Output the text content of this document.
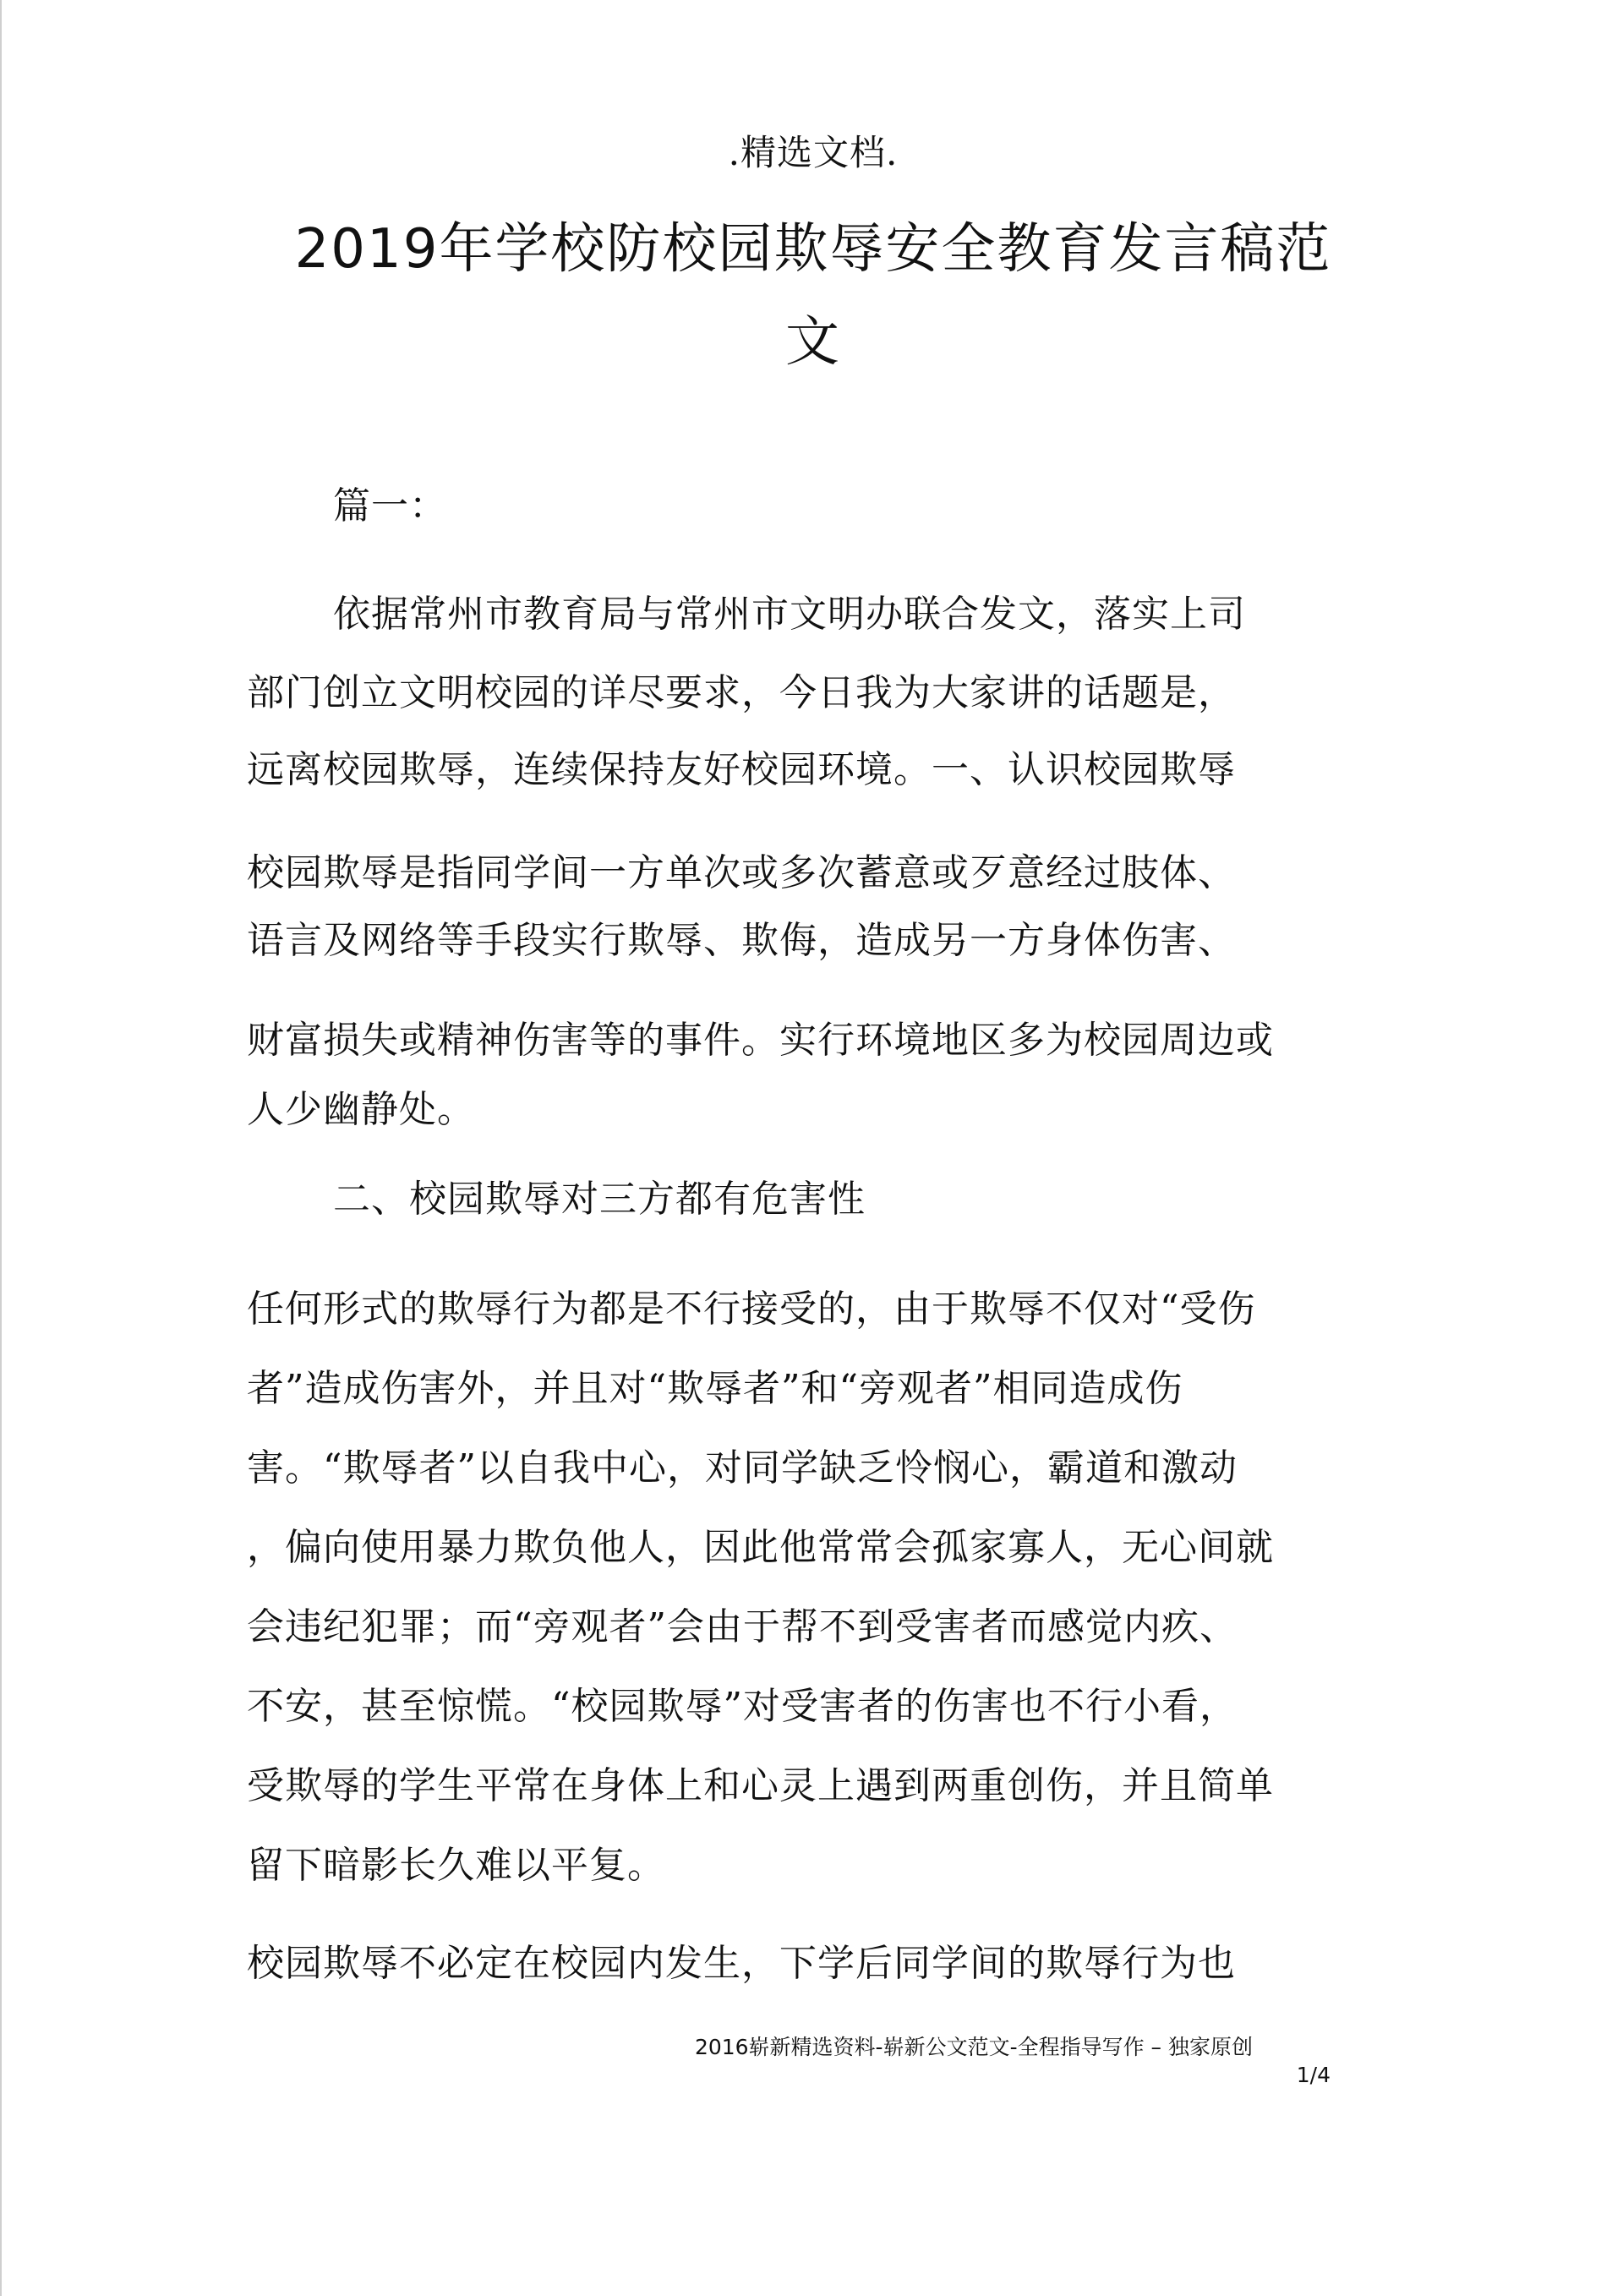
.精选文档.
2019年学校防校园欺辱安全教育发言稿范
文
篇一：
依据常州市教育局与常州市文明办联合发文，落实上司
部门创立文明校园的详尽要求，今日我为大家讲的话题是，
远离校园欺辱，连续保持友好校园环境。一、认识校园欺辱
校园欺辱是指同学间一方单次或多次蓄意或歹意经过肢体、
语言及网络等手段实行欺辱、欺侮，造成另一方身体伤害、
财富损失或精神伤害等的事件。实行环境地区多为校园周边或
人少幽静处。
二、校园欺辱对三方都有危害性
任何形式的欺辱行为都是不行接受的，由于欺辱不仅对“受伤
者”造成伤害外，并且对“欺辱者”和“旁观者”相同造成伤
害。“欺辱者”以自我中心，对同学缺乏怜悯心，霸道和激动
，偏向使用暴力欺负他人，因此他常常会孤家寡人，无心间就
会违纪犯罪；而“旁观者”会由于帮不到受害者而感觉内疚、
不安，甚至惊慌。“校园欺辱”对受害者的伤害也不行小看，
受欺辱的学生平常在身体上和心灵上遇到两重创伤，并且简单
留下暗影长久难以平复。
校园欺辱不必定在校园内发生，下学后同学间的欺辱行为也
2016崭新精选资料-崭新公文范文-全程指导写作 – 独家原创
1/4
